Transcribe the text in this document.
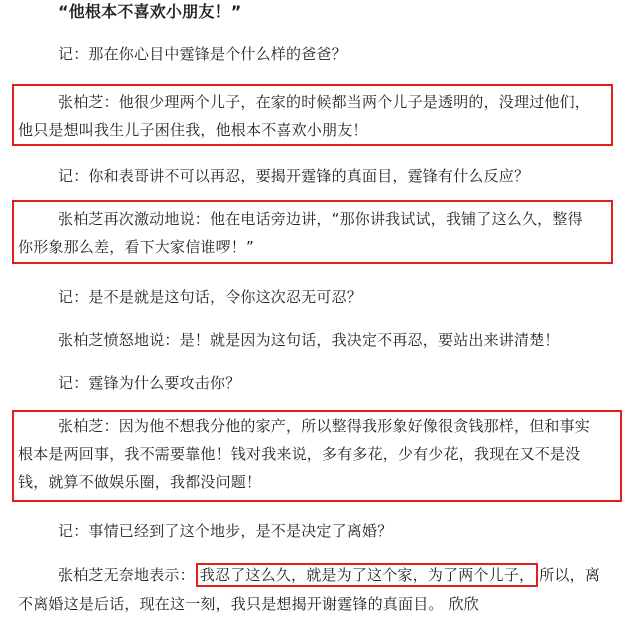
“他根本不喜欢小朋友！”
记：那在你心目中霆锋是个什么样的爸爸？
张柏芝：他很少理两个儿子，在家的时候都当两个儿子是透明的，没理过他们，
他只是想叫我生儿子困住我，他根本不喜欢小朋友！
记：你和表哥讲不可以再忍，要揭开霆锋的真面目，霆锋有什么反应？
张柏芝再次激动地说：他在电话旁边讲，“那你讲我试试，我铺了这么久，整得
你形象那么差，看下大家信谁啰！”
记：是不是就是这句话，令你这次忍无可忍？
张柏芝愤怒地说：是！就是因为这句话，我决定不再忍，要站出来讲清楚！
记：霆锋为什么要攻击你？
张柏芝：因为他不想我分他的家产，所以整得我形象好像很贪钱那样，但和事实
根本是两回事，我不需要靠他！钱对我来说，多有多花，少有少花，我现在又不是没
钱，就算不做娱乐圈，我都没问题！
记：事情已经到了这个地步，是不是决定了离婚？
张柏芝无奈地表示： 我忍了这么久，就是为了这个家，为了两个儿子， 所以，离
不离婚这是后话，现在这一刻，我只是想揭开谢霆锋的真面目。 欣欣
